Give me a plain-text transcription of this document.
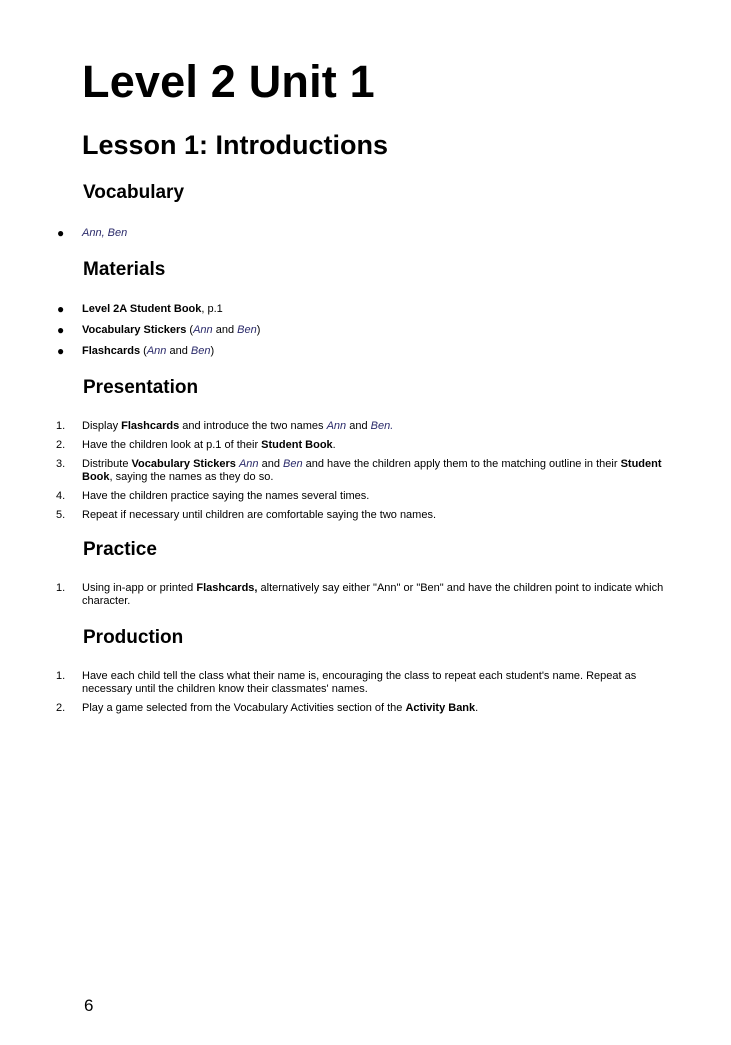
Level 2 Unit 1
Lesson 1: Introductions
Vocabulary
●	Ann, Ben
Materials
●	Level 2A Student Book, p.1
●	Vocabulary Stickers (Ann and Ben)
●	Flashcards (Ann and Ben)
Presentation
1.	Display Flashcards and introduce the two names Ann and Ben.
2.	Have the children look at p.1 of their Student Book.
3.	Distribute Vocabulary Stickers Ann and Ben and have the children apply them to the matching outline in their Student Book, saying the names as they do so.
4.	Have the children practice saying the names several times.
5.	Repeat if necessary until children are comfortable saying the two names.
Practice
1.	Using in-app or printed Flashcards, alternatively say either "Ann" or "Ben" and have the children point to indicate which character.
Production
1.	Have each child tell the class what their name is, encouraging the class to repeat each student's name. Repeat as necessary until the children know their classmates' names.
2.	Play a game selected from the Vocabulary Activities section of the Activity Bank.
6
